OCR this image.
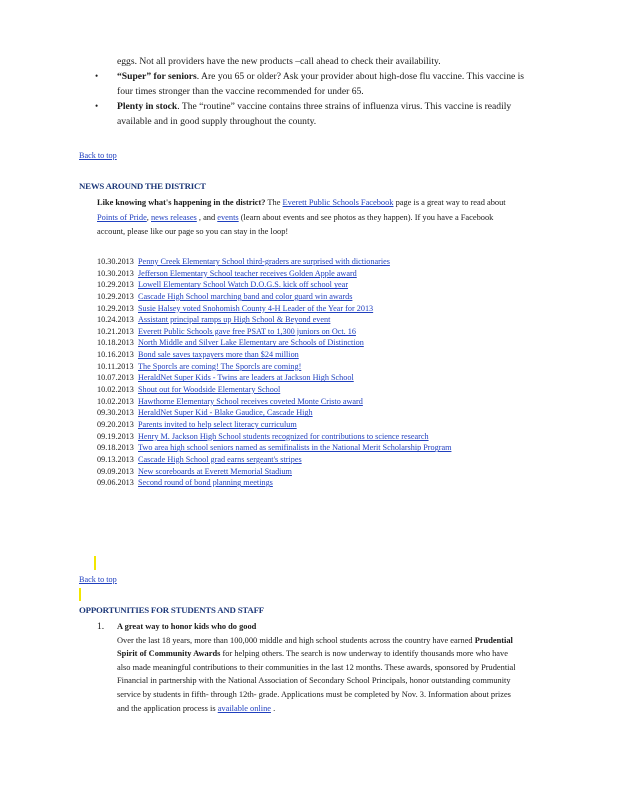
eggs. Not all providers have the new products –call ahead to check their availability.
•	“Super” for seniors. Are you 65 or older? Ask your provider about high-dose flu vaccine. This vaccine is four times stronger than the vaccine recommended for under 65.
•	Plenty in stock. The “routine” vaccine contains three strains of influenza virus. This vaccine is readily available and in good supply throughout the county.
Back to top
NEWS AROUND THE DISTRICT
Like knowing what's happening in the district? The Everett Public Schools Facebook page is a great way to read about Points of Pride, news releases , and events (learn about events and see photos as they happen). If you have a Facebook account, please like our page so you can stay in the loop!
10.30.2013 Penny Creek Elementary School third-graders are surprised with dictionaries
10.30.2013 Jefferson Elementary School teacher receives Golden Apple award
10.29.2013 Lowell Elementary School Watch D.O.G.S. kick off school year
10.29.2013 Cascade High School marching band and color guard win awards
10.29.2013 Susie Halsey voted Snohomish County 4-H Leader of the Year for 2013
10.24.2013 Assistant principal ramps up High School & Beyond event
10.21.2013 Everett Public Schools gave free PSAT to 1,300 juniors on Oct. 16
10.18.2013 North Middle and Silver Lake Elementary are Schools of Distinction
10.16.2013 Bond sale saves taxpayers more than $24 million
10.11.2013 The Sporcls are coming! The Sporcls are coming!
10.07.2013 HeraldNet Super Kids - Twins are leaders at Jackson High School
10.02.2013 Shout out for Woodside Elementary School
10.02.2013 Hawthorne Elementary School receives coveted Monte Cristo award
09.30.2013 HeraldNet Super Kid - Blake Gaudice, Cascade High
09.20.2013 Parents invited to help select literacy curriculum
09.19.2013 Henry M. Jackson High School students recognized for contributions to science research
09.18.2013 Two area high school seniors named as semifinalists in the National Merit Scholarship Program
09.13.2013 Cascade High School grad earns sergeant's stripes
09.09.2013 New scoreboards at Everett Memorial Stadium
09.06.2013 Second round of bond planning meetings
Back to top
OPPORTUNITIES FOR STUDENTS AND STAFF
1.	A great way to honor kids who do good
Over the last 18 years, more than 100,000 middle and high school students across the country have earned Prudential Spirit of Community Awards for helping others. The search is now underway to identify thousands more who have also made meaningful contributions to their communities in the last 12 months. These awards, sponsored by Prudential Financial in partnership with the National Association of Secondary School Principals, honor outstanding community service by students in fifth- through 12th- grade. Applications must be completed by Nov. 3. Information about prizes and the application process is available online .
